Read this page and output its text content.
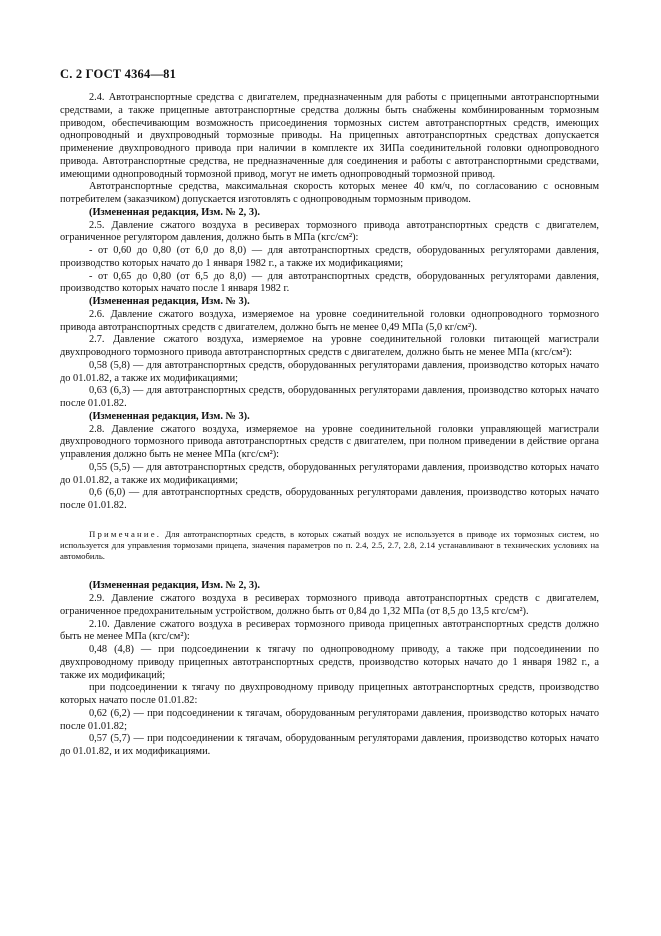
С. 2 ГОСТ 4364—81

2.4. Автотранспортные средства с двигателем, предназначенным для работы с прицепными автотранспортными средствами, а также прицепные автотранспортные средства должны быть снабжены комбинированным тормозным приводом, обеспечивающим возможность присоединения тормозных систем автотранспортных средств, имеющих однопроводный и двухпроводный тормозные приводы. На прицепных автотранспортных средствах допускается применение двухпроводного привода при наличии в комплекте их ЗИПа соединительной головки однопроводного привода. Автотранспортные средства, не предназначенные для соединения и работы с автотранспортными средствами, имеющими однопроводный тормозной привод, могут не иметь однопроводный тормозной привод.

Автотранспортные средства, максимальная скорость которых менее 40 км/ч, по согласованию с основным потребителем (заказчиком) допускается изготовлять с однопроводным тормозным приводом.

(Измененная редакция, Изм. № 2, 3).

2.5. Давление сжатого воздуха в ресиверах тормозного привода автотранспортных средств с двигателем, ограниченное регулятором давления, должно быть в МПа (кгс/см²):

- от 0,60 до 0,80 (от 6,0 до 8,0) — для автотранспортных средств, оборудованных регуляторами давления, производство которых начато до 1 января 1982 г., а также их модификациями;

- от 0,65 до 0,80 (от 6,5 до 8,0) — для автотранспортных средств, оборудованных регуляторами давления, производство которых начато после 1 января 1982 г.

(Измененная редакция, Изм. № 3).

2.6. Давление сжатого воздуха, измеряемое на уровне соединительной головки однопроводного тормозного привода автотранспортных средств с двигателем, должно быть не менее 0,49 МПа (5,0 кг/см²).

2.7. Давление сжатого воздуха, измеряемое на уровне соединительной головки питающей магистрали двухпроводного тормозного привода автотранспортных средств с двигателем, должно быть не менее МПа (кгс/см²):

0,58 (5,8) — для автотранспортных средств, оборудованных регуляторами давления, производство которых начато до 01.01.82, а также их модификациями;

0,63 (6,3) — для автотранспортных средств, оборудованных регуляторами давления, производство которых начато после 01.01.82.

(Измененная редакция, Изм. № 3).

2.8. Давление сжатого воздуха, измеряемое на уровне соединительной головки управляющей магистрали двухпроводного тормозного привода автотранспортных средств с двигателем, при полном приведении в действие органа управления должно быть не менее МПа (кгс/см²):

0,55 (5,5) — для автотранспортных средств, оборудованных регуляторами давления, производство которых начато до 01.01.82, а также их модификациями;

0,6 (6,0) — для автотранспортных средств, оборудованных регуляторами давления, производство которых начато после 01.01.82.

Примечание. Для автотранспортных средств, в которых сжатый воздух не используется в приводе их тормозных систем, но используется для управления тормозами прицепа, значения параметров по п. 2.4, 2.5, 2.7, 2.8, 2.14 устанавливают в технических условиях на автомобиль.

(Измененная редакция, Изм. № 2, 3).

2.9. Давление сжатого воздуха в ресиверах тормозного привода автотранспортных средств с двигателем, ограниченное предохранительным устройством, должно быть от 0,84 до 1,32 МПа (от 8,5 до 13,5 кгс/см²).

2.10. Давление сжатого воздуха в ресиверах тормозного привода прицепных автотранспортных средств должно быть не менее МПа (кгс/см²):

0,48 (4,8) — при подсоединении к тягачу по однопроводному приводу, а также при подсоединении по двухпроводному приводу прицепных автотранспортных средств, производство которых начато до 1 января 1982 г., а также их модификаций;

при подсоединении к тягачу по двухпроводному приводу прицепных автотранспортных средств, производство которых начато после 01.01.82:

0,62 (6,2) — при подсоединении к тягачам, оборудованным регуляторами давления, производство которых начато после 01.01.82;

0,57 (5,7) — при подсоединении к тягачам, оборудованным регуляторами давления, производство которых начато до 01.01.82, и их модификациями.
